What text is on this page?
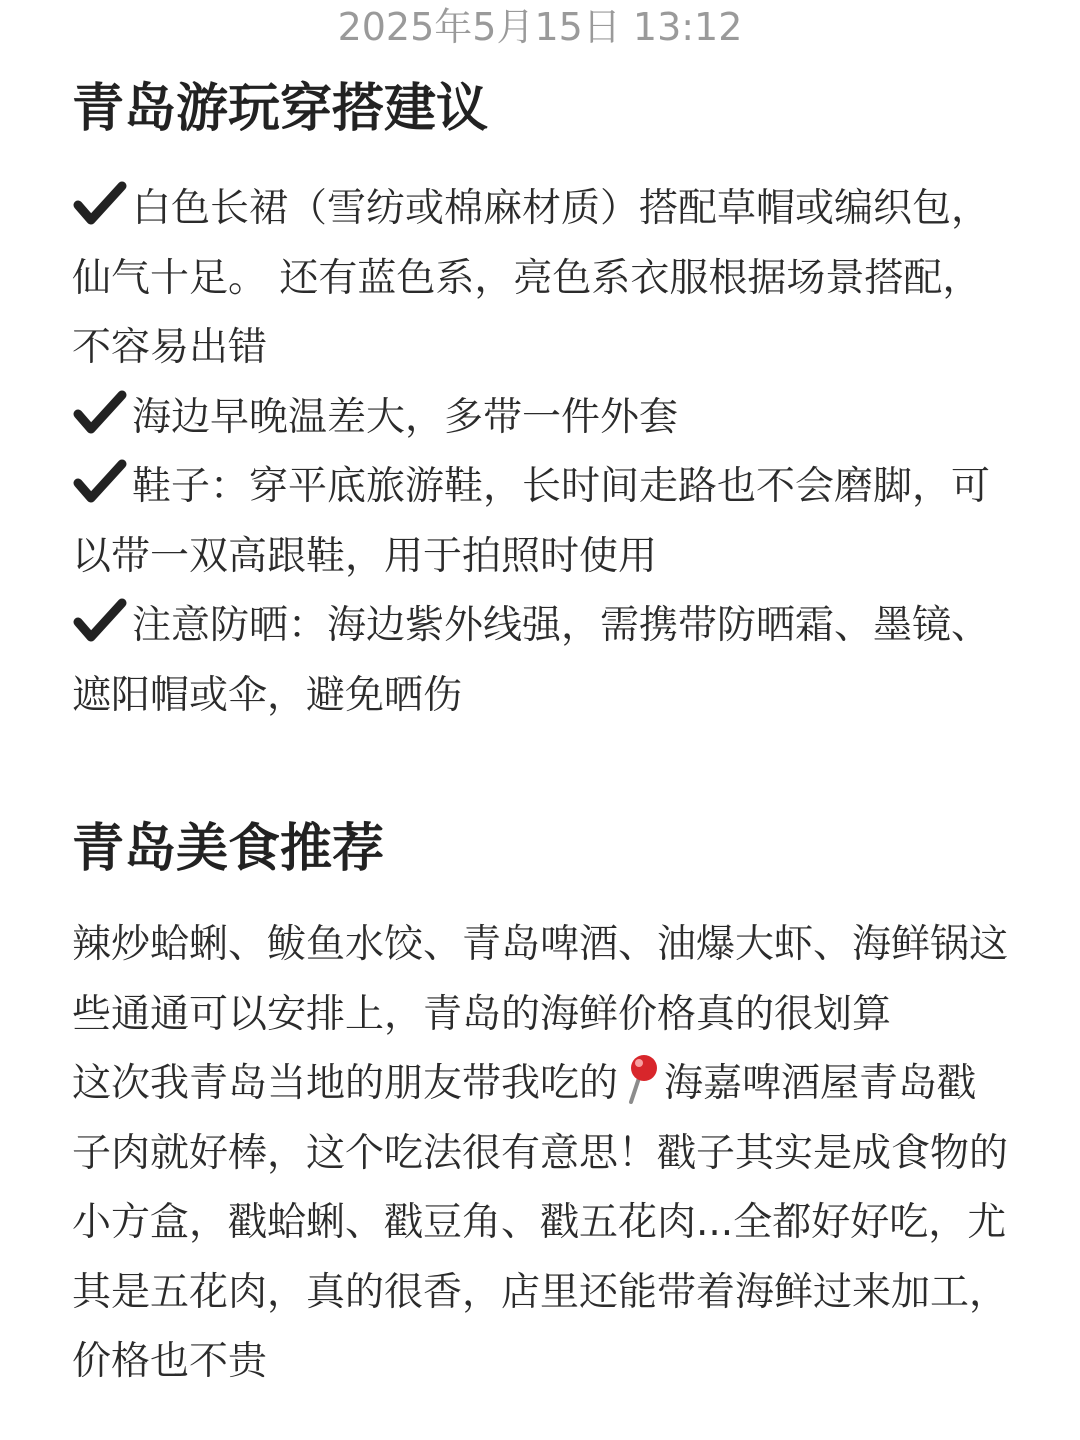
2025年5月15日 13:12
青岛游玩穿搭建议

白色长裙（雪纺或棉麻材质）搭配草帽或编织包，仙气十足。 还有蓝色系，亮色系衣服根据场景搭配，不容易出错

海边早晚温差大，多带一件外套

鞋子：穿平底旅游鞋，长时间走路也不会磨脚，可以带一双高跟鞋，用于拍照时使用

注意防晒：海边紫外线强，需携带防晒霜、墨镜、遮阳帽或伞，避免晒伤

青岛美食推荐

辣炒蛤蜊、鲅鱼水饺、青岛啤酒、油爆大虾、海鲜锅这些通通可以安排上，青岛的海鲜价格真的很划算

这次我青岛当地的朋友带我吃的 海嘉啤酒屋青岛戳子肉就好棒，这个吃法很有意思！戳子其实是成食物的小方盒，戳蛤蜊、戳豆角、戳五花肉...全都好好吃，尤其是五花肉，真的很香，店里还能带着海鲜过来加工，价格也不贵
